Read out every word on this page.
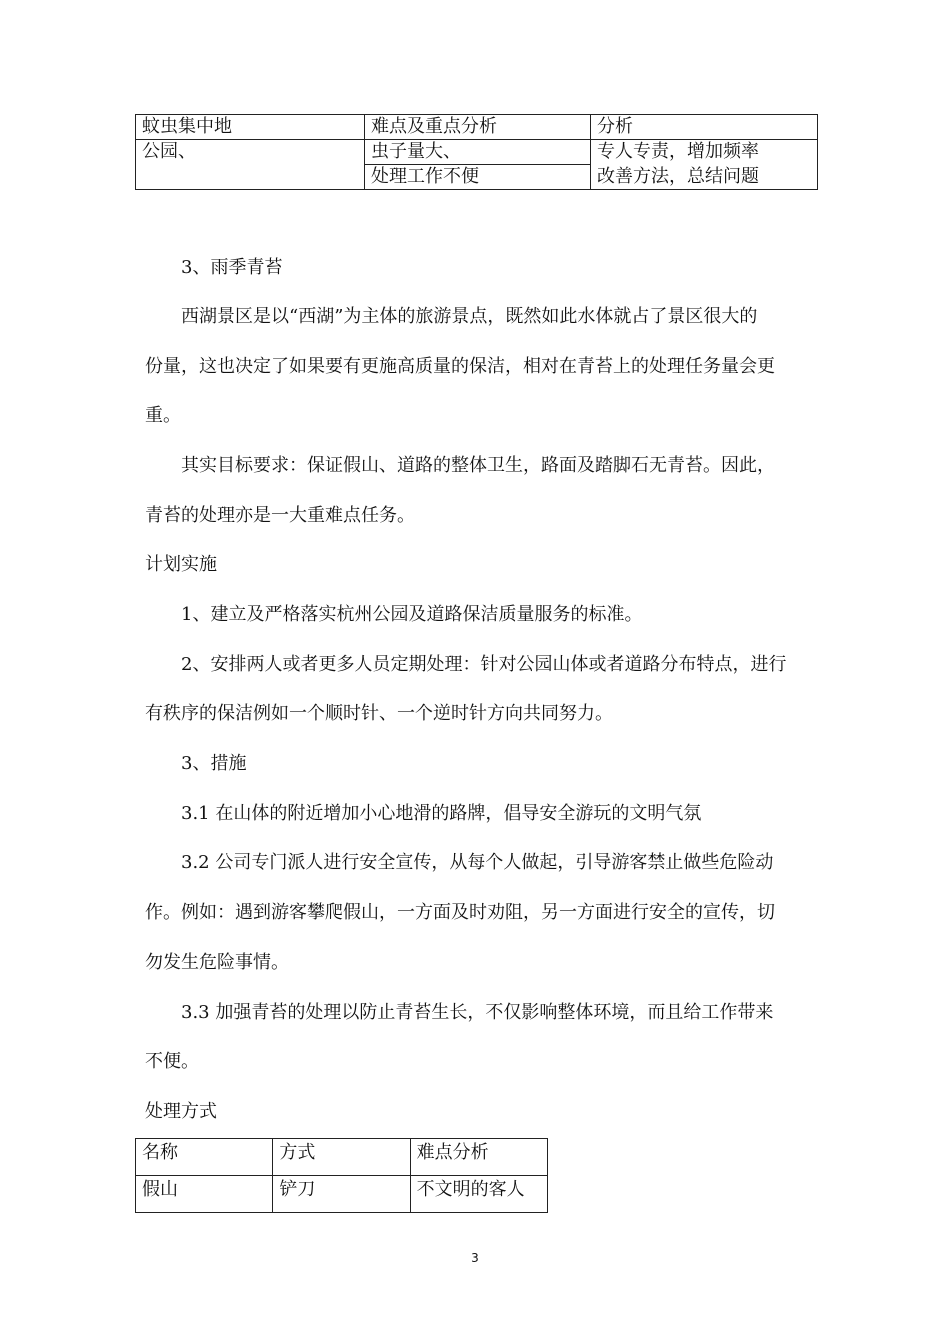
蚊虫集中地	难点及重点分析	分析
公园、	虫子量大、	专人专责，增加频率
	处理工作不便	改善方法，总结问题

3、雨季青苔

西湖景区是以“西湖”为主体的旅游景点，既然如此水体就占了景区很大的

份量，这也决定了如果要有更施高质量的保洁，相对在青苔上的处理任务量会更

重。

其实目标要求：保证假山、道路的整体卫生，路面及踏脚石无青苔。因此，

青苔的处理亦是一大重难点任务。

计划实施

1、建立及严格落实杭州公园及道路保洁质量服务的标准。

2、安排两人或者更多人员定期处理：针对公园山体或者道路分布特点，进行

有秩序的保洁例如一个顺时针、一个逆时针方向共同努力。

3、措施

3.1 在山体的附近增加小心地滑的路牌，倡导安全游玩的文明气氛

3.2 公司专门派人进行安全宣传，从每个人做起，引导游客禁止做些危险动

作。例如：遇到游客攀爬假山，一方面及时劝阻，另一方面进行安全的宣传，切

勿发生危险事情。

3.3 加强青苔的处理以防止青苔生长，不仅影响整体环境，而且给工作带来

不便。

处理方式

名称	方式	难点分析
假山	铲刀	不文明的客人
3
